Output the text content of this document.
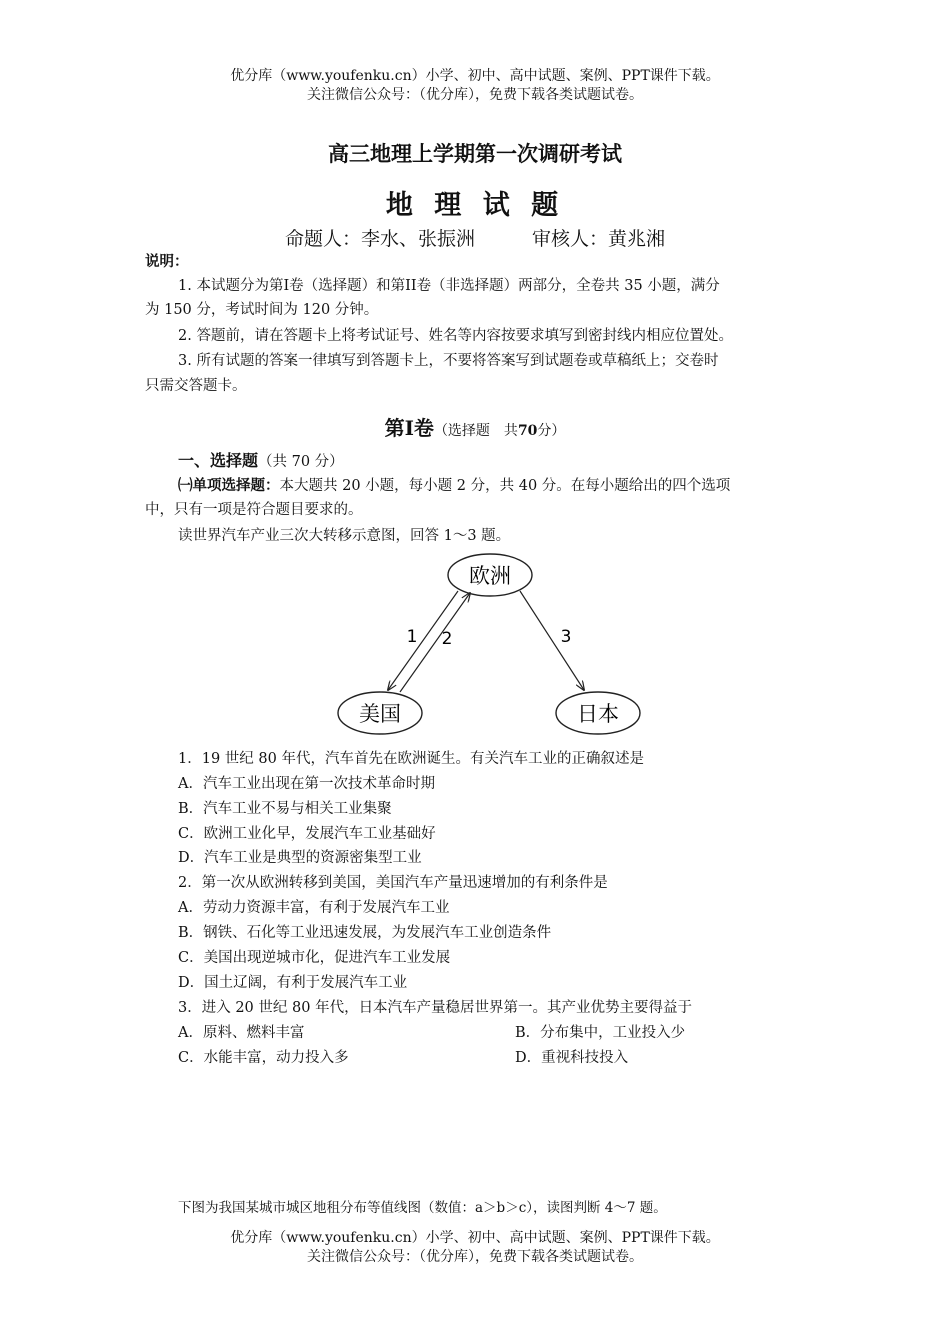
优分库（www.youfenku.cn）小学、初中、高中试题、案例、PPT课件下载。
关注微信公众号：（优分库），免费下载各类试题试卷。
高三地理上学期第一次调研考试
地 理 试 题
命题人：李水、张振洲　　　审核人：黄兆湘
说明：
1. 本试题分为第I卷（选择题）和第II卷（非选择题）两部分，全卷共 35 小题，满分
为 150 分，考试时间为 120 分钟。
2. 答题前，请在答题卡上将考试证号、姓名等内容按要求填写到密封线内相应位置处。
3. 所有试题的答案一律填写到答题卡上，不要将答案写到试题卷或草稿纸上；交卷时
只需交答题卡。
第I卷（选择题　共70分）
一、选择题（共 70 分）
㈠单项选择题：本大题共 20 小题，每小题 2 分，共 40 分。在每小题给出的四个选项
中，只有一项是符合题目要求的。
读世界汽车产业三次大转移示意图，回答 1～3 题。
欧洲
美国	日本
1 2	3
1．19 世纪 80 年代，汽车首先在欧洲诞生。有关汽车工业的正确叙述是
A．汽车工业出现在第一次技术革命时期
B．汽车工业不易与相关工业集聚
C．欧洲工业化早，发展汽车工业基础好
D．汽车工业是典型的资源密集型工业
2．第一次从欧洲转移到美国，美国汽车产量迅速增加的有利条件是
A．劳动力资源丰富，有利于发展汽车工业
B．钢铁、石化等工业迅速发展，为发展汽车工业创造条件
C．美国出现逆城市化，促进汽车工业发展
D．国土辽阔，有利于发展汽车工业
3．进入 20 世纪 80 年代，日本汽车产量稳居世界第一。其产业优势主要得益于
A．原料、燃料丰富	B．分布集中，工业投入少
C．水能丰富，动力投入多	D．重视科技投入
下图为我国某城市城区地租分布等值线图（数值：a＞b＞c），读图判断 4～7 题。
优分库（www.youfenku.cn）小学、初中、高中试题、案例、PPT课件下载。
关注微信公众号：（优分库），免费下载各类试题试卷。
